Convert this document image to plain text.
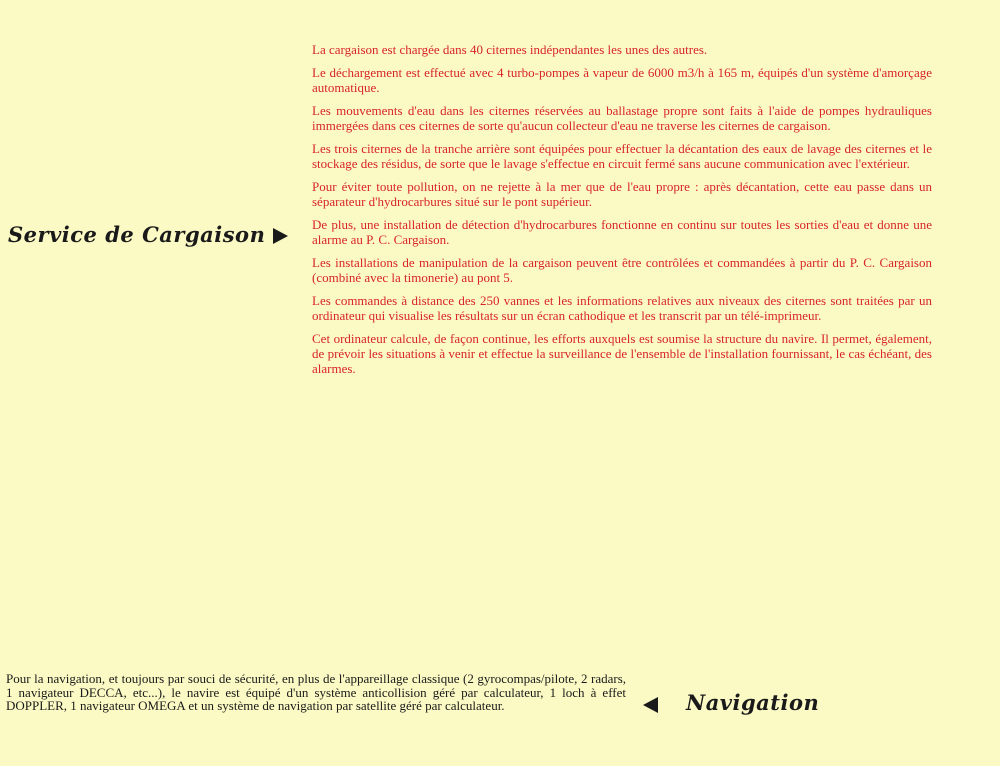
La cargaison est chargée dans 40 citernes indépendantes les unes des autres.

Le déchargement est effectué avec 4 turbo-pompes à vapeur de 6000 m3/h à 165 m, équipés d'un système d'amorçage automatique.

Les mouvements d'eau dans les citernes réservées au ballastage propre sont faits à l'aide de pompes hydrauliques immergées dans ces citernes de sorte qu'aucun collecteur d'eau ne traverse les citernes de cargaison.

Les trois citernes de la tranche arrière sont équipées pour effectuer la décantation des eaux de lavage des citernes et le stockage des résidus, de sorte que le lavage s'effectue en circuit fermé sans aucune communication avec l'extérieur.

Pour éviter toute pollution, on ne rejette à la mer que de l'eau propre : après décantation, cette eau passe dans un séparateur d'hydrocarbures situé sur le pont supérieur.

De plus, une installation de détection d'hydrocarbures fonctionne en continu sur toutes les sorties d'eau et donne une alarme au P. C. Cargaison.

Les installations de manipulation de la cargaison peuvent être contrôlées et commandées à partir du P. C. Cargaison (combiné avec la timonerie) au pont 5.

Les commandes à distance des 250 vannes et les informations relatives aux niveaux des citernes sont traitées par un ordinateur qui visualise les résultats sur un écran cathodique et les transcrit par un télé-imprimeur.

Cet ordinateur calcule, de façon continue, les efforts auxquels est soumise la structure du navire. Il permet, également, de prévoir les situations à venir et effectue la surveillance de l'ensemble de l'installation fournissant, le cas échéant, des alarmes.

Service de Cargaison

Pour la navigation, et toujours par souci de sécurité, en plus de l'appareillage classique (2 gyrocompas/pilote, 2 radars, 1 navigateur DECCA, etc...), le navire est équipé d'un système anticollision géré par calculateur, 1 loch à effet DOPPLER, 1 navigateur OMEGA et un système de navigation par satellite géré par calculateur.	Navigation
